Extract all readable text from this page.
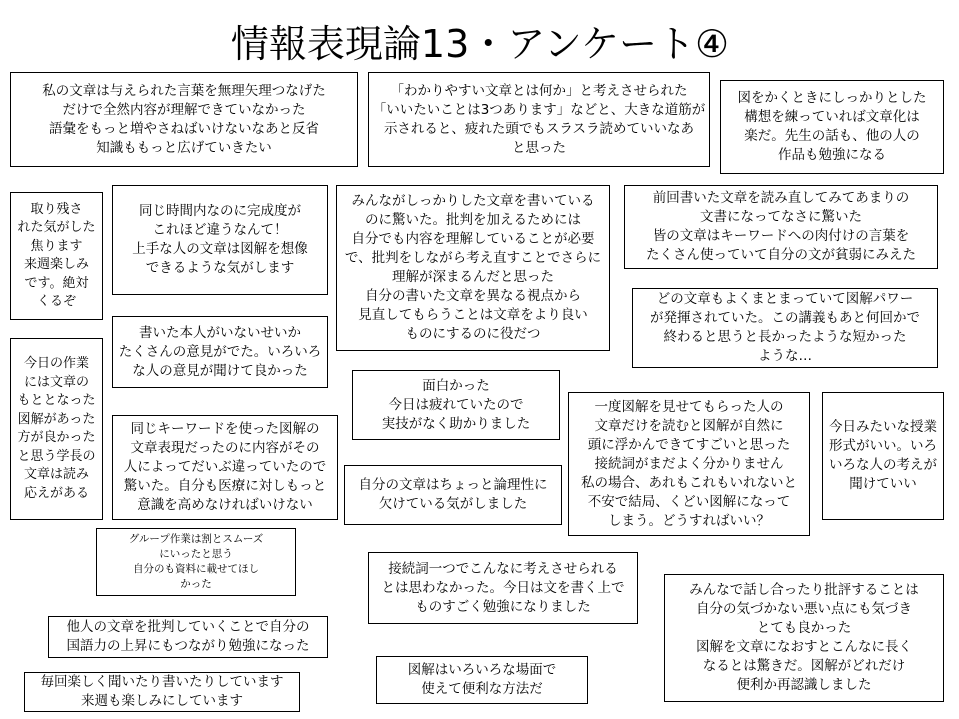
情報表現論13・アンケート④
私の文章は与えられた言葉を無理矢理つなげた
だけで全然内容が理解できていなかった
語彙をもっと増やさねばいけないなあと反省
知識ももっと広げていきたい
「わかりやすい文章とは何か」と考えさせられた
「いいたいことは3つあります」などと、大きな道筋が
示されると、疲れた頭でもスラスラ読めていいなあ
と思った
図をかくときにしっかりとした
構想を練っていれば文章化は
楽だ。先生の話も、他の人の
作品も勉強になる
取り残さ
れた気がした
焦ります
来週楽しみ
です。絶対
くるぞ
同じ時間内なのに完成度が
これほど違うなんて！
上手な人の文章は図解を想像
できるような気がします
みんながしっかりした文章を書いている
のに驚いた。批判を加えるためには
自分でも内容を理解していることが必要
で、批判をしながら考え直すことでさらに
理解が深まるんだと思った
自分の書いた文章を異なる視点から
見直してもらうことは文章をより良い
ものにするのに役だつ
前回書いた文章を読み直してみてあまりの
文書になってなさに驚いた
皆の文章はキーワードへの肉付けの言葉を
たくさん使っていて自分の文が貧弱にみえた
どの文章もよくまとまっていて図解パワー
が発揮されていた。この講義もあと何回かで
終わると思うと長かったような短かった
ような…
書いた本人がいないせいか
たくさんの意見がでた。いろいろ
な人の意見が聞けて良かった
今日の作業
には文章の
もととなった
図解があった
方が良かった
と思う学長の
文章は読み
応えがある
面白かった
今日は疲れていたので
実技がなく助かりました
一度図解を見せてもらった人の
文章だけを読むと図解が自然に
頭に浮かんできてすごいと思った
接続詞がまだよく分かりません
私の場合、あれもこれもいれないと
不安で結局、くどい図解になって
しまう。どうすればいい？
今日みたいな授業
形式がいい。いろ
いろな人の考えが
聞けていい
同じキーワードを使った図解の
文章表現だったのに内容がその
人によってだいぶ違っていたので
驚いた。自分も医療に対しもっと
意識を高めなければいけない
自分の文章はちょっと論理性に
欠けている気がしました
グループ作業は割とスムーズ
にいったと思う
自分のも資料に載せてほし
かった
接続詞一つでこんなに考えさせられる
とは思わなかった。今日は文を書く上で
ものすごく勉強になりました
みんなで話し合ったり批評することは
自分の気づかない悪い点にも気づき
とても良かった
図解を文章になおすとこんなに長く
なるとは驚きだ。図解がどれだけ
便利か再認識しました
他人の文章を批判していくことで自分の
国語力の上昇にもつながり勉強になった
図解はいろいろな場面で
使えて便利な方法だ
毎回楽しく聞いたり書いたりしています
来週も楽しみにしています
